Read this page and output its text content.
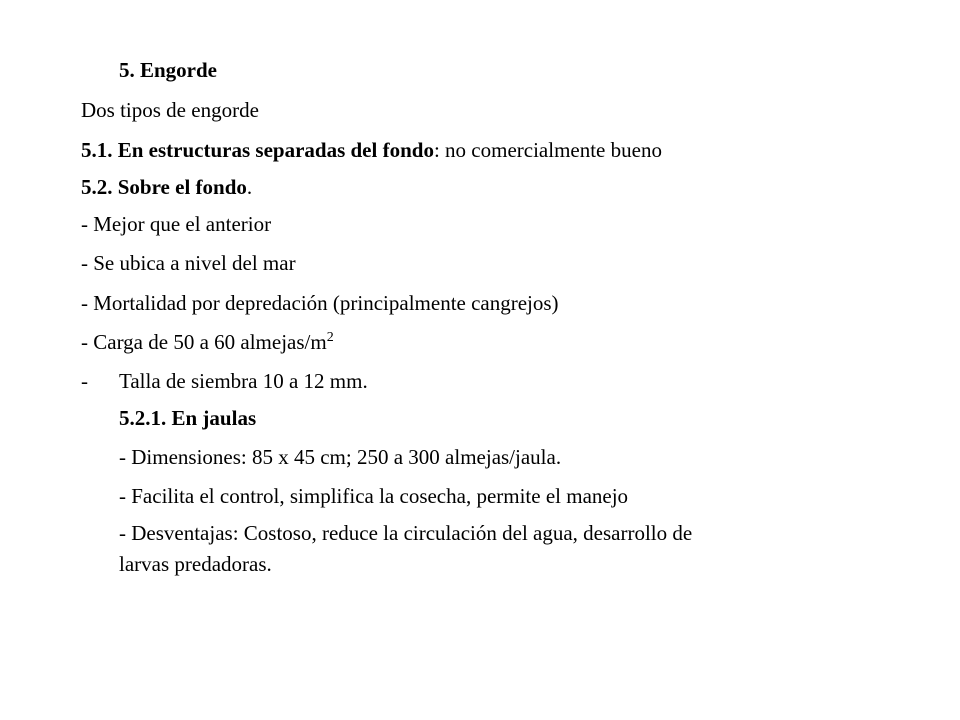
5. Engorde
Dos tipos de engorde
5.1. En estructuras separadas del fondo: no comercialmente bueno
5.2. Sobre el fondo.
- Mejor que el anterior
- Se ubica a nivel del mar
- Mortalidad por depredación (principalmente cangrejos)
- Carga de 50 a 60 almejas/$m^2$
- Talla de siembra 10 a 12 mm.
5.2.1. En jaulas
- Dimensiones: 85 x 45 cm; 250 a 300 almejas/jaula.
- Facilita el control, simplifica la cosecha, permite el manejo
- Desventajas: Costoso, reduce la circulación del agua, desarrollo de
larvas predadoras.
